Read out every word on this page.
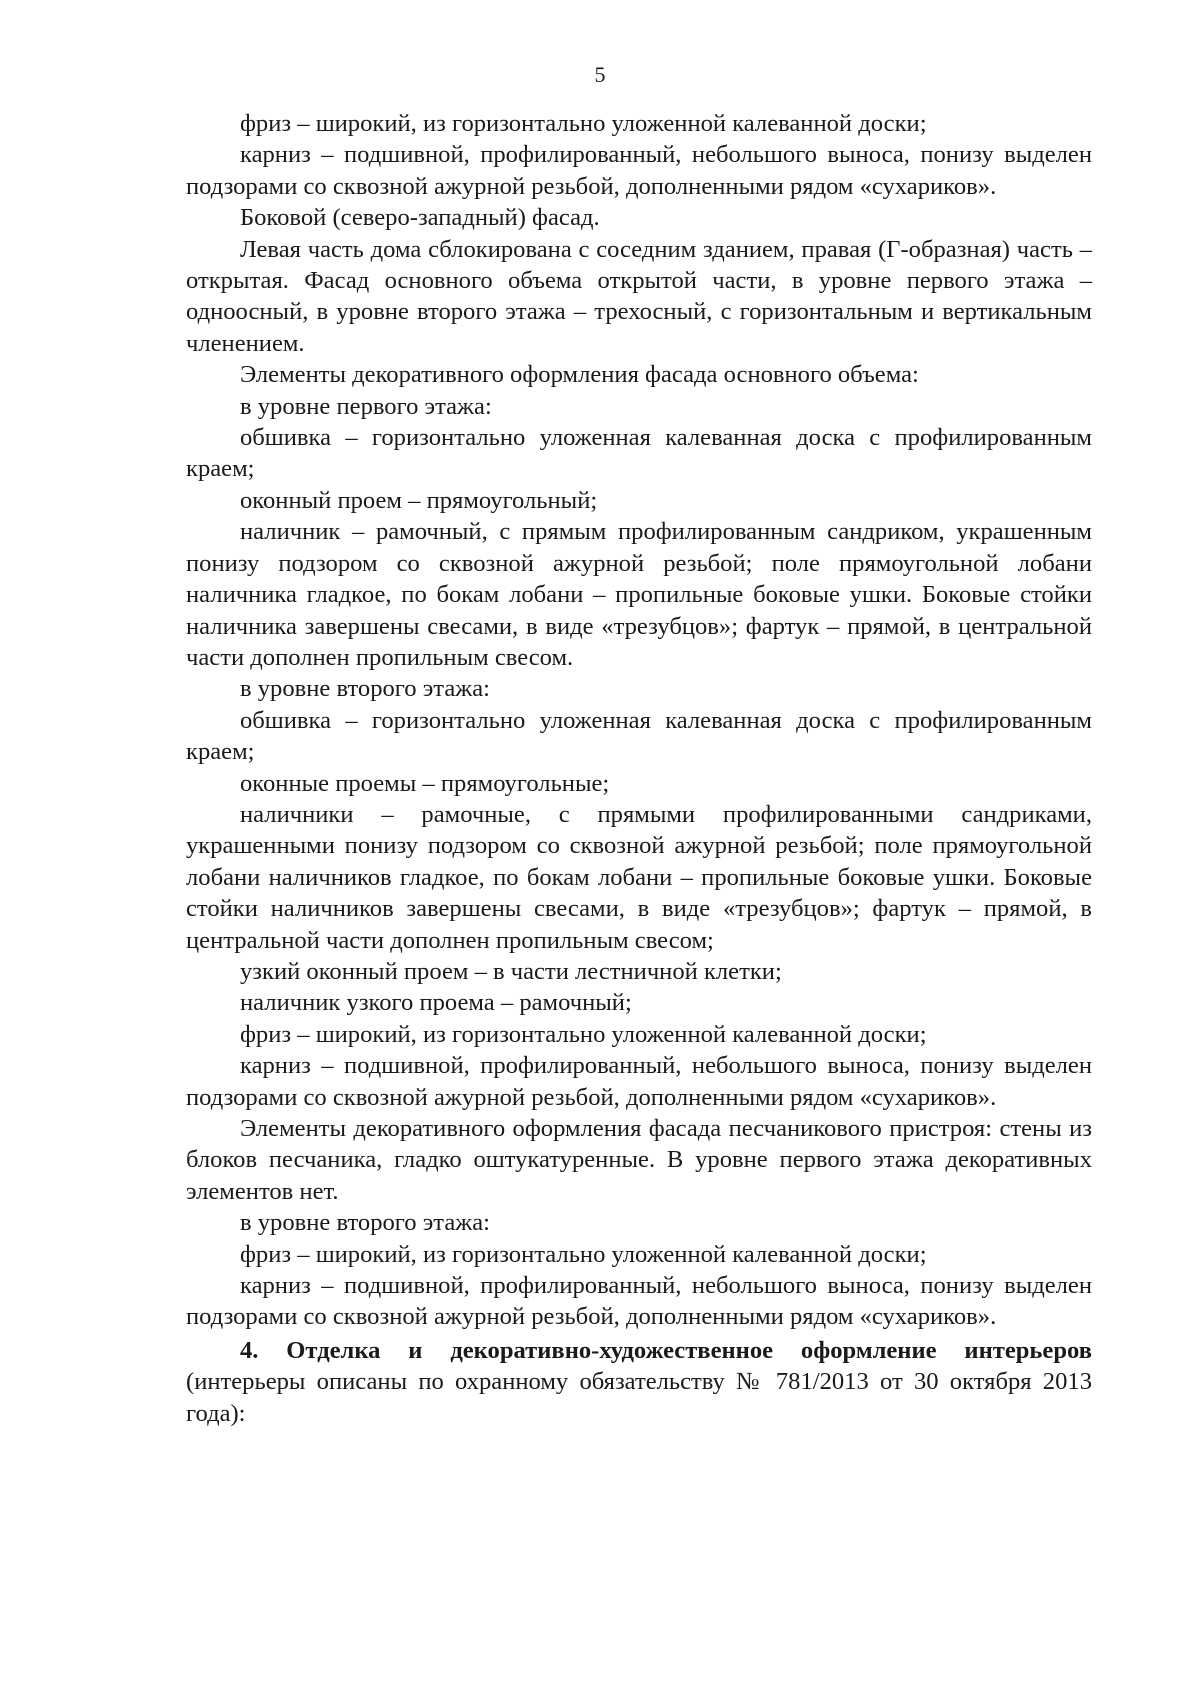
5

фриз – широкий, из горизонтально уложенной калеванной доски;

карниз – подшивной, профилированный, небольшого выноса, понизу выделен подзорами со сквозной ажурной резьбой, дополненными рядом «сухариков».

Боковой (северо-западный) фасад.

Левая часть дома сблокирована с соседним зданием, правая (Г-образная) часть – открытая. Фасад основного объема открытой части, в уровне первого этажа – одноосный, в уровне второго этажа – трехосный, с горизонтальным и вертикальным членением.

Элементы декоративного оформления фасада основного объема:

в уровне первого этажа:

обшивка – горизонтально уложенная калеванная доска с профилированным краем;

оконный проем – прямоугольный;

наличник – рамочный, с прямым профилированным сандриком, украшенным понизу подзором со сквозной ажурной резьбой; поле прямоугольной лобани наличника гладкое, по бокам лобани – пропильные боковые ушки. Боковые стойки наличника завершены свесами, в виде «трезубцов»; фартук – прямой, в центральной части дополнен пропильным свесом.

в уровне второго этажа:

обшивка – горизонтально уложенная калеванная доска с профилированным краем;

оконные проемы – прямоугольные;

наличники – рамочные, с прямыми профилированными сандриками, украшенными понизу подзором со сквозной ажурной резьбой; поле прямоугольной лобани наличников гладкое, по бокам лобани – пропильные боковые ушки. Боковые стойки наличников завершены свесами, в виде «трезубцов»; фартук – прямой, в центральной части дополнен пропильным свесом;

узкий оконный проем – в части лестничной клетки;

наличник узкого проема – рамочный;

фриз – широкий, из горизонтально уложенной калеванной доски;

карниз – подшивной, профилированный, небольшого выноса, понизу выделен подзорами со сквозной ажурной резьбой, дополненными рядом «сухариков».

Элементы декоративного оформления фасада песчаникового пристроя: стены из блоков песчаника, гладко оштукатуренные. В уровне первого этажа декоративных элементов нет.

в уровне второго этажа:

фриз – широкий, из горизонтально уложенной калеванной доски;

карниз – подшивной, профилированный, небольшого выноса, понизу выделен подзорами со сквозной ажурной резьбой, дополненными рядом «сухариков».

4. Отделка и декоративно-художественное оформление интерьеров (интерьеры описаны по охранному обязательству № 781/2013 от 30 октября 2013 года):
